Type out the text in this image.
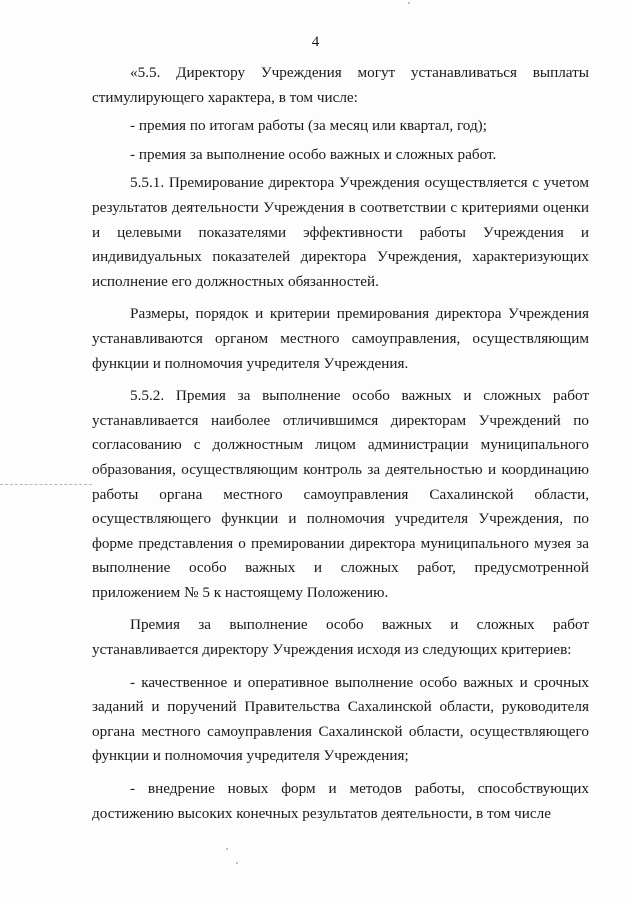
4

«5.5. Директору Учреждения могут устанавливаться выплаты стимулирующего характера, в том числе:

- премия по итогам работы (за месяц или квартал, год);

- премия за выполнение особо важных и сложных работ.

5.5.1. Премирование директора Учреждения осуществляется с учетом результатов деятельности Учреждения в соответствии с критериями оценки и целевыми показателями эффективности работы Учреждения и индивидуальных показателей директора Учреждения, характеризующих исполнение его должностных обязанностей.

Размеры, порядок и критерии премирования директора Учреждения устанавливаются органом местного самоуправления, осуществляющим функции и полномочия учредителя Учреждения.

5.5.2. Премия за выполнение особо важных и сложных работ устанавливается наиболее отличившимся директорам Учреждений по согласованию с должностным лицом администрации муниципального образования, осуществляющим контроль за деятельностью и координацию работы органа местного самоуправления Сахалинской области, осуществляющего функции и полномочия учредителя Учреждения, по форме представления о премировании директора муниципального музея за выполнение особо важных и сложных работ, предусмотренной приложением № 5 к настоящему Положению.

Премия за выполнение особо важных и сложных работ устанавливается директору Учреждения исходя из следующих критериев:

- качественное и оперативное выполнение особо важных и срочных заданий и поручений Правительства Сахалинской области, руководителя органа местного самоуправления Сахалинской области, осуществляющего функции и полномочия учредителя Учреждения;

- внедрение новых форм и методов работы, способствующих достижению высоких конечных результатов деятельности, в том числе
